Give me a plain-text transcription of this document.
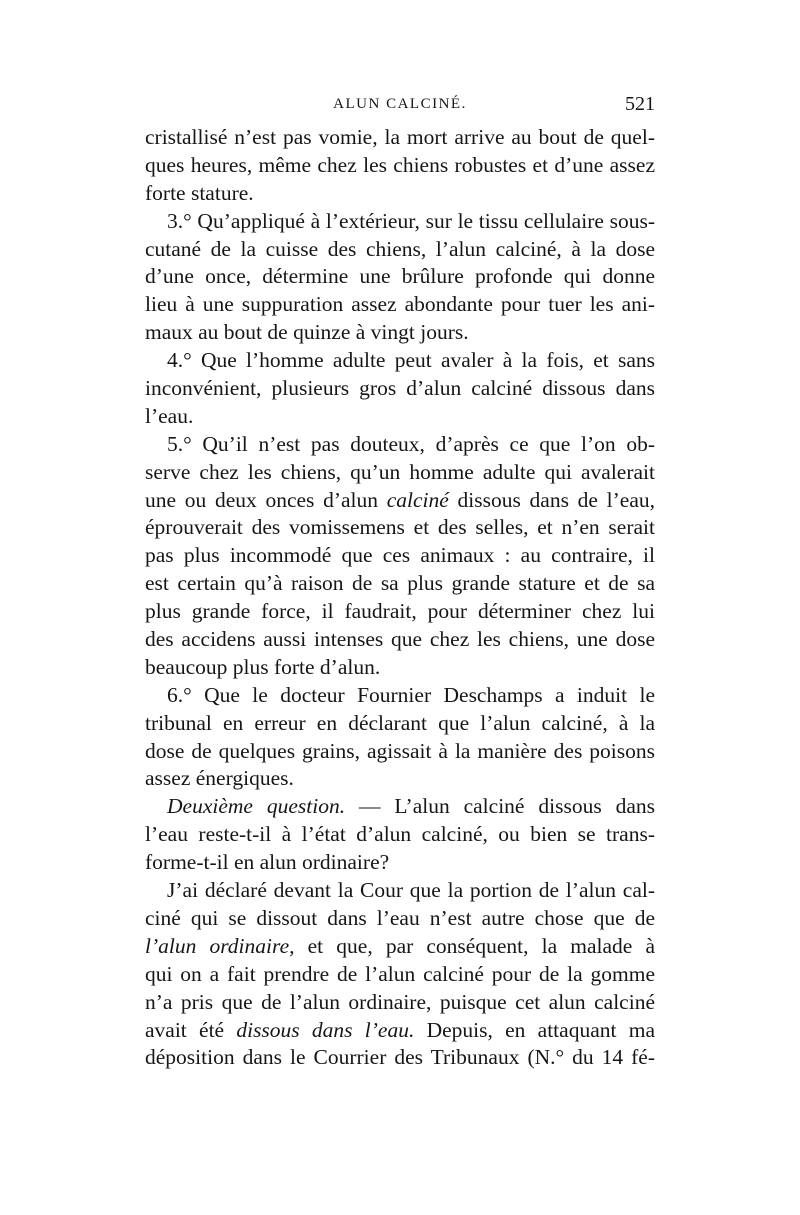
ALUN CALCINÉ.	521
cristallisé n’est pas vomie, la mort arrive au bout de quel-
ques heures, même chez les chiens robustes et d’une assez
forte stature.
3.° Qu’appliqué à l’extérieur, sur le tissu cellulaire sous-
cutané de la cuisse des chiens, l’alun calciné, à la dose
d’une once, détermine une brûlure profonde qui donne
lieu à une suppuration assez abondante pour tuer les ani-
maux au bout de quinze à vingt jours.
4.° Que l’homme adulte peut avaler à la fois, et sans
inconvénient, plusieurs gros d’alun calciné dissous dans
l’eau.
5.° Qu’il n’est pas douteux, d’après ce que l’on ob-
serve chez les chiens, qu’un homme adulte qui avalerait
une ou deux onces d’alun calciné dissous dans de l’eau,
éprouverait des vomissemens et des selles, et n’en serait
pas plus incommodé que ces animaux : au contraire, il
est certain qu’à raison de sa plus grande stature et de sa
plus grande force, il faudrait, pour déterminer chez lui
des accidens aussi intenses que chez les chiens, une dose
beaucoup plus forte d’alun.
6.° Que le docteur Fournier Deschamps a induit le
tribunal en erreur en déclarant que l’alun calciné, à la
dose de quelques grains, agissait à la manière des poisons
assez énergiques.
Deuxième question. — L’alun calciné dissous dans
l’eau reste-t-il à l’état d’alun calciné, ou bien se trans-
forme-t-il en alun ordinaire?
J’ai déclaré devant la Cour que la portion de l’alun cal-
ciné qui se dissout dans l’eau n’est autre chose que de
l’alun ordinaire, et que, par conséquent, la malade à
qui on a fait prendre de l’alun calciné pour de la gomme
n’a pris que de l’alun ordinaire, puisque cet alun calciné
avait été dissous dans l’eau. Depuis, en attaquant ma
déposition dans le Courrier des Tribunaux (N.° du 14 fé-
